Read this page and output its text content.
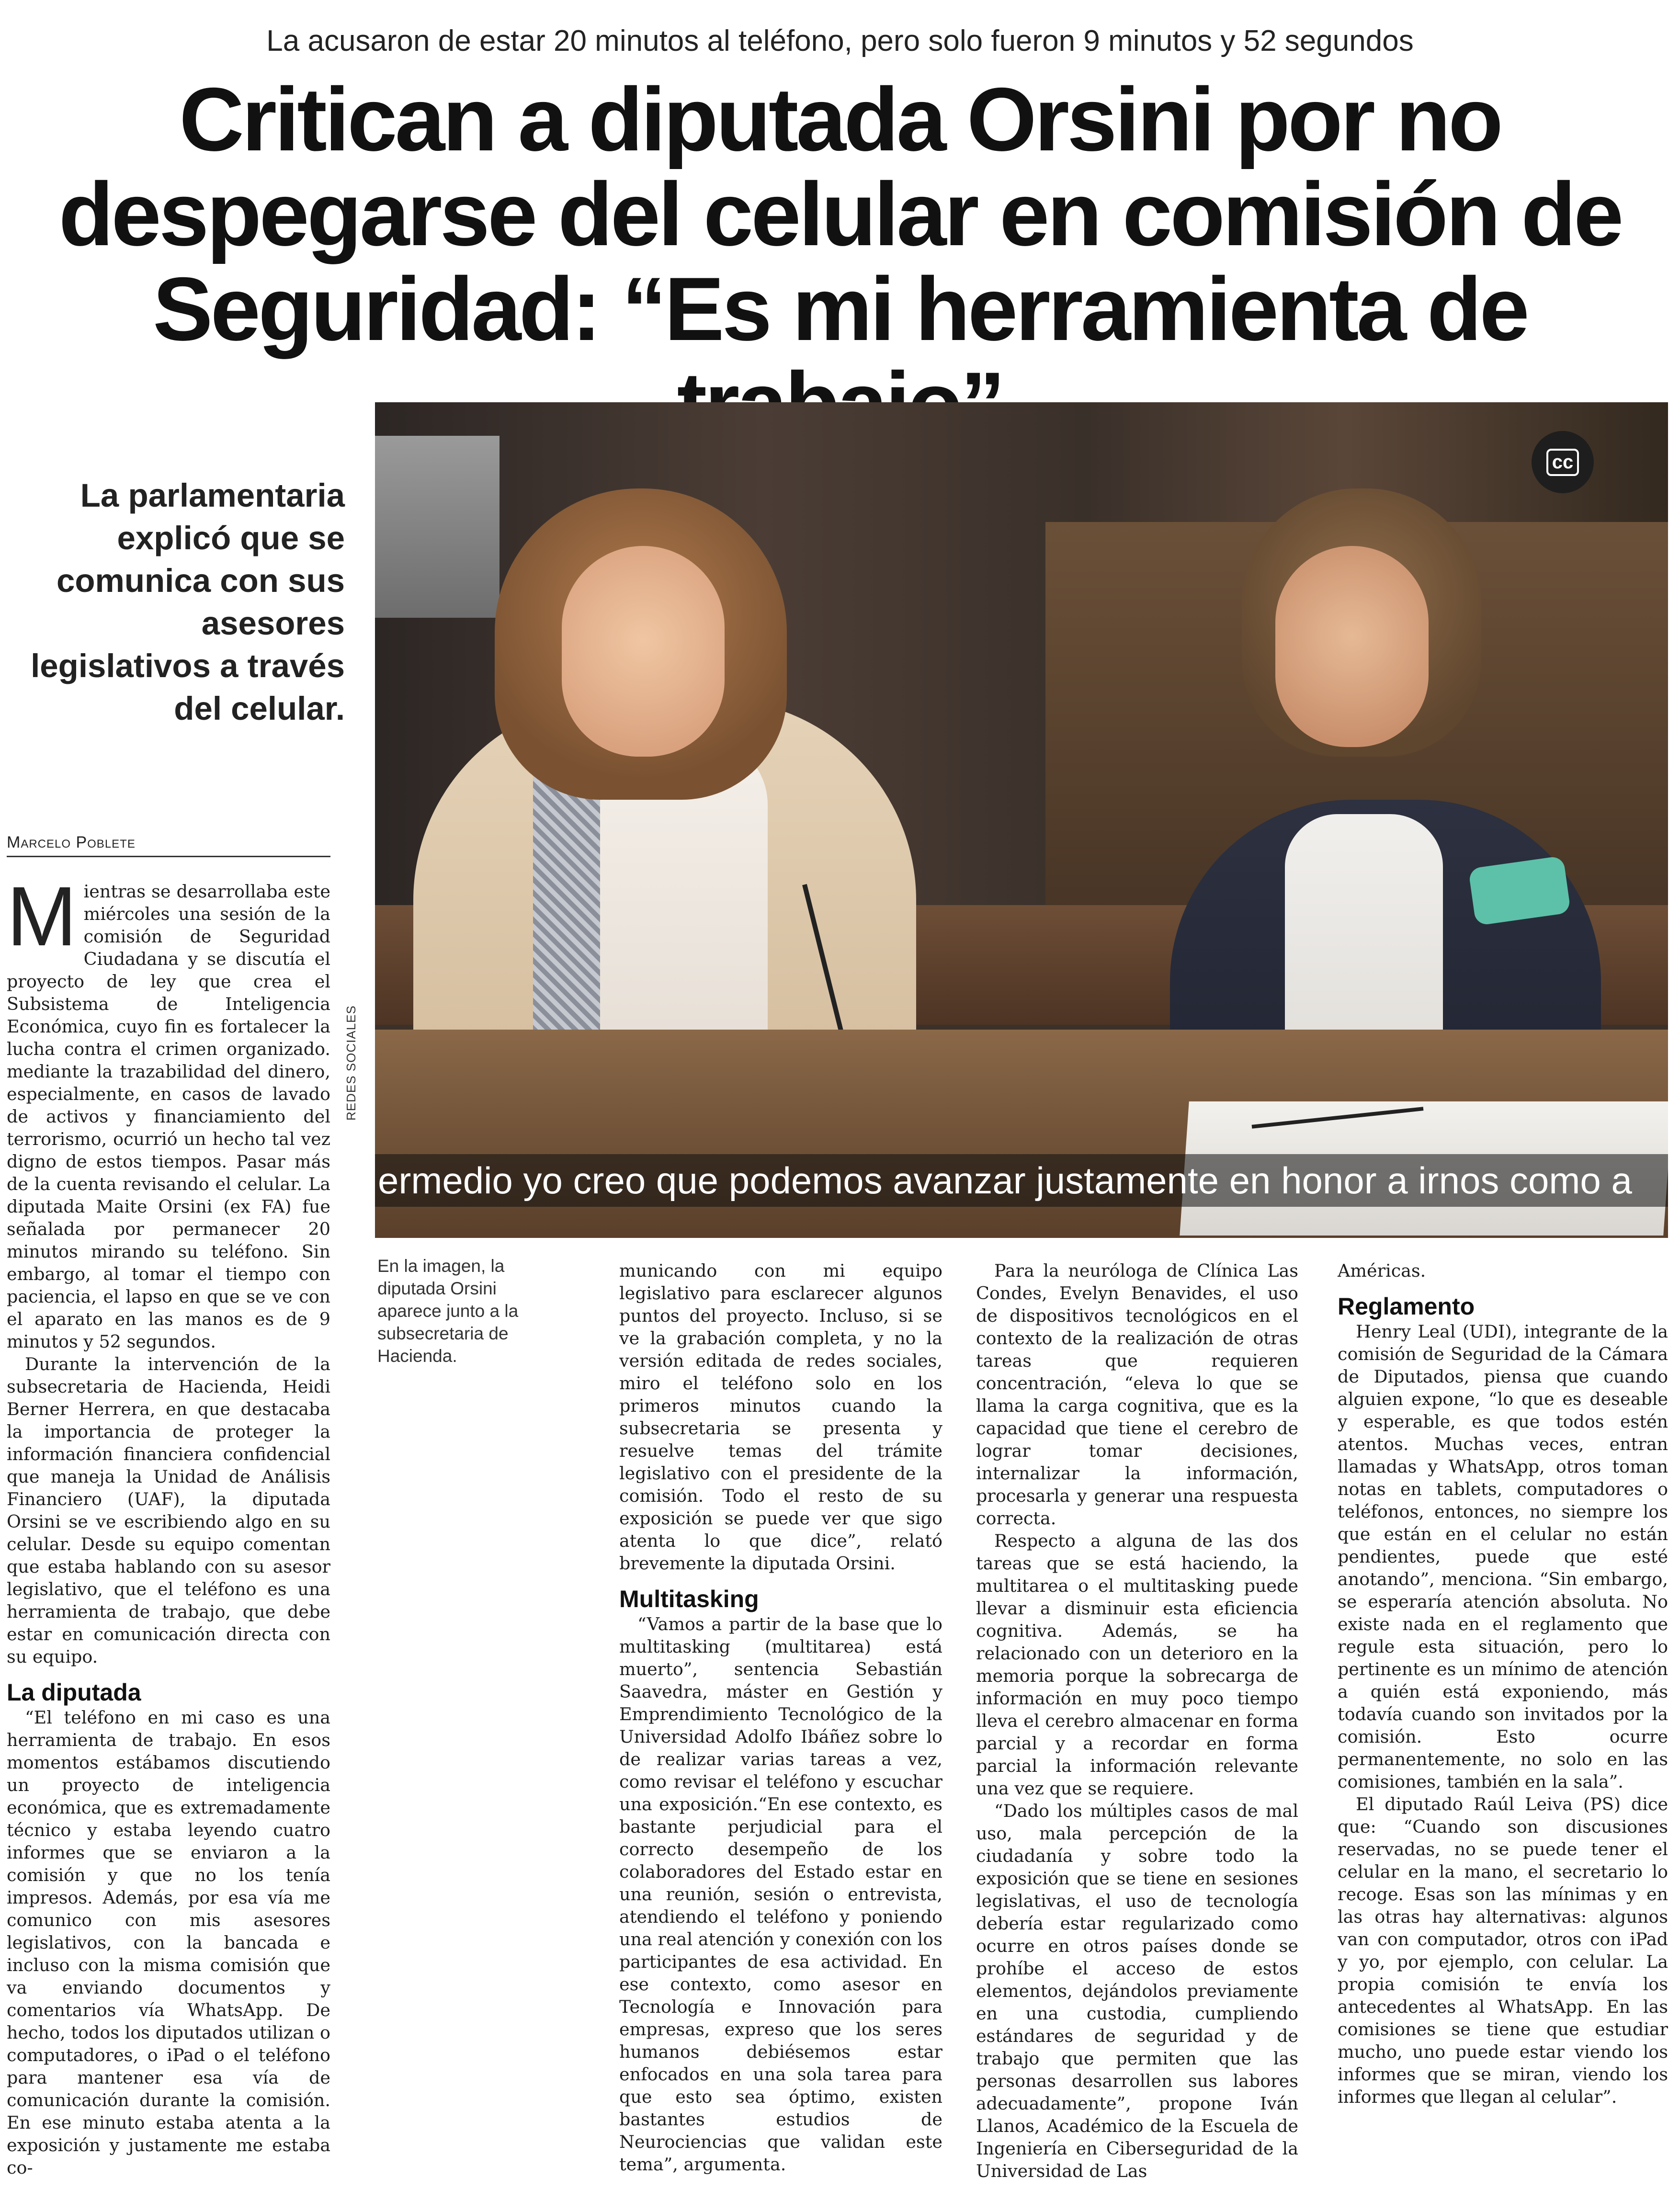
La acusaron de estar 20 minutos al teléfono, pero solo fueron 9 minutos y 52 segundos
Critican a diputada Orsini por no despegarse del celular en comisión de Seguridad: “Es mi herramienta de
La parlamentaria explicó que se comunica con sus asesores legislativos a través del celular.
Marcelo Poblete
cc
ermedio yo creo que podemos avanzar justamente en honor a irnos como a
REDES SOCIALES
En la imagen, la diputada Orsini aparece junto a la subsecretaria de Hacienda.

Mientras se desarrollaba este miércoles una sesión de la comisión de Seguridad Ciudadana y se discutía el proyecto de ley que crea el Subsistema de Inteligencia Económica, cuyo fin es fortalecer la lucha contra el crimen organizado. mediante la trazabilidad del dinero, especialmente, en casos de lavado de activos y financiamiento del terrorismo, ocurrió un hecho tal vez digno de estos tiempos. Pasar más de la cuenta revisando el celular. La diputada Maite Orsini (ex FA) fue señalada por permanecer 20 minutos mirando su teléfono. Sin embargo, al tomar el tiempo con paciencia, el lapso en que se ve con el aparato en las manos es de 9 minutos y 52 segundos.

Durante la intervención de la subsecretaria de Hacienda, Heidi Berner Herrera, en que destacaba la importancia de proteger la información financiera confidencial que maneja la Unidad de Análisis Financiero (UAF), la diputada Orsini se ve escribiendo algo en su celular. Desde su equipo comentan que estaba hablando con su asesor legislativo, que el teléfono es una herramienta de trabajo, que debe estar en comunicación directa con su equipo.

La diputada

“El teléfono en mi caso es una herramienta de trabajo. En esos momentos estábamos discutiendo un proyecto de inteligencia económica, que es extremadamente técnico y estaba leyendo cuatro informes que se enviaron a la comisión y que no los tenía impresos. Además, por esa vía me comunico con mis asesores legislativos, con la bancada e incluso con la misma comisión que va enviando documentos y comentarios vía WhatsApp. De hecho, todos los diputados utilizan o computadores, o iPad o el teléfono para mantener esa vía de comunicación durante la comisión. En ese minuto estaba atenta a la exposición y justamente me estaba co-

municando con mi equipo legislativo para esclarecer algunos puntos del proyecto. Incluso, si se ve la grabación completa, y no la versión editada de redes sociales, miro el teléfono solo en los primeros minutos cuando la subsecretaria se presenta y resuelve temas del trámite legislativo con el presidente de la comisión. Todo el resto de su exposición se puede ver que sigo atenta lo que dice”, relató brevemente la diputada Orsini.

Multitasking

“Vamos a partir de la base que lo multitasking (multitarea) está muerto”, sentencia Sebastián Saavedra, máster en Gestión y Emprendimiento Tecnológico de la Universidad Adolfo Ibáñez sobre lo de realizar varias tareas a vez, como revisar el teléfono y escuchar una exposición.“En ese contexto, es bastante perjudicial para el correcto desempeño de los colaboradores del Estado estar en una reunión, sesión o entrevista, atendiendo el teléfono y poniendo una real atención y conexión con los participantes de esa actividad. En ese contexto, como asesor en Tecnología e Innovación para empresas, expreso que los seres humanos debiésemos estar enfocados en una sola tarea para que esto sea óptimo, existen bastantes estudios de Neurociencias que validan este tema”, argumenta.

Para la neuróloga de Clínica Las Condes, Evelyn Benavides, el uso de dispositivos tecnológicos en el contexto de la realización de otras tareas que requieren concentración, “eleva lo que se llama la carga cognitiva, que es la capacidad que tiene el cerebro de lograr tomar decisiones, internalizar la información, procesarla y generar una respuesta correcta.

Respecto a alguna de las dos tareas que se está haciendo, la multitarea o el multitasking puede llevar a disminuir esta eficiencia cognitiva. Además, se ha relacionado con un deterioro en la memoria porque la sobrecarga de información en muy poco tiempo lleva el cerebro almacenar en forma parcial y a recordar en forma parcial la información relevante una vez que se requiere.

“Dado los múltiples casos de mal uso, mala percepción de la ciudadanía y sobre todo la exposición que se tiene en sesiones legislativas, el uso de tecnología debería estar regularizado como ocurre en otros países donde se prohíbe el acceso de estos elementos, dejándolos previamente en una custodia, cumpliendo estándares de seguridad y de trabajo que permiten que las personas desarrollen sus labores adecuadamente”, propone Iván Llanos, Académico de la Escuela de Ingeniería en Ciberseguridad de la Universidad de Las

Américas.

Reglamento

Henry Leal (UDI), integrante de la comisión de Seguridad de la Cámara de Diputados, piensa que cuando alguien expone, “lo que es deseable y esperable, es que todos estén atentos. Muchas veces, entran llamadas y WhatsApp, otros toman notas en tablets, computadores o teléfonos, entonces, no siempre los que están en el celular no están pendientes, puede que esté anotando”, menciona. “Sin embargo, se esperaría atención absoluta. No existe nada en el reglamento que regule esta situación, pero lo pertinente es un mínimo de atención a quién está exponiendo, más todavía cuando son invitados por la comisión. Esto ocurre permanentemente, no solo en las comisiones, también en la sala”.

El diputado Raúl Leiva (PS) dice que: “Cuando son discusiones reservadas, no se puede tener el celular en la mano, el secretario lo recoge. Esas son las mínimas y en las otras hay alternativas: algunos van con computador, otros con iPad y yo, por ejemplo, con celular. La propia comisión te envía los antecedentes al WhatsApp. En las comisiones se tiene que estudiar mucho, uno puede estar viendo los informes que se miran, viendo los informes que llegan al celular”.
